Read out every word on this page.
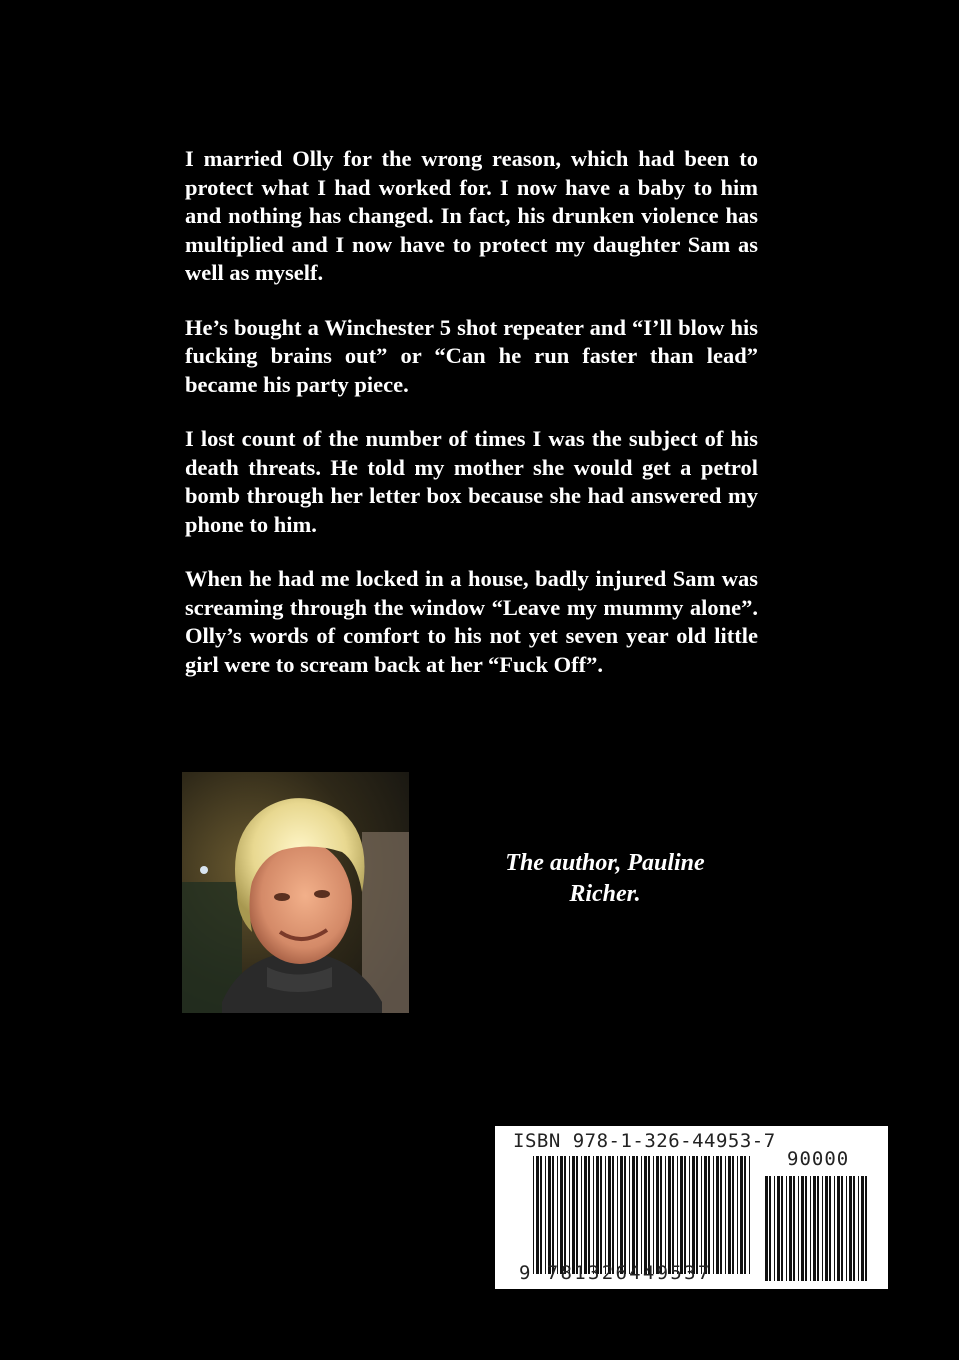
I married Olly for the wrong reason, which had been to protect what I had worked for. I now have a baby to him and nothing has changed. In fact, his drunken violence has multiplied and I now have to protect my daughter Sam as well as myself.

He’s bought a Winchester 5 shot repeater and “I’ll blow his fucking brains out” or “Can he run faster than lead” became his party piece.

I lost count of the number of times I was the subject of his death threats. He told my mother she would get a petrol bomb through her letter box because she had answered my phone to him.

When he had me locked in a house, badly injured Sam was screaming through the window “Leave my mummy alone”. Olly’s words of comfort to his not yet seven year old little girl were to scream back at her “Fuck Off”.

The author, Pauline
Richer.
ISBN 978-1-326-44953-7
90000
9 781326449537
